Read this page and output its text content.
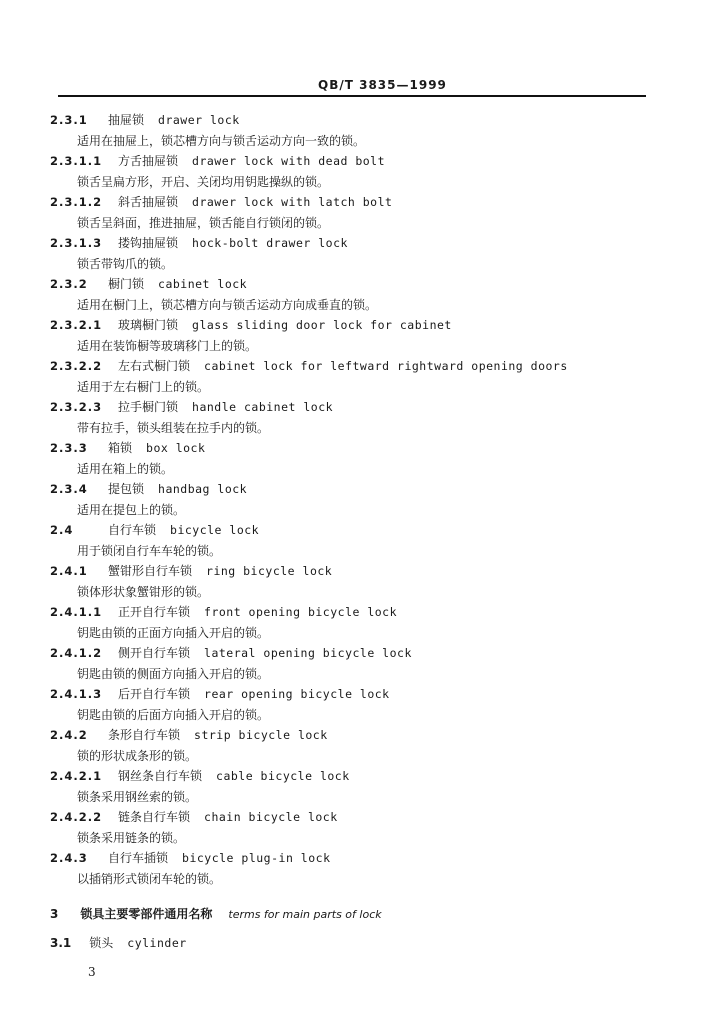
QB/T 3835—1999
2.3.1 抽屉锁 drawer lock
适用在抽屉上，锁芯槽方向与锁舌运动方向一致的锁。
2.3.1.1 方舌抽屉锁 drawer lock with dead bolt
锁舌呈扁方形，开启、关闭均用钥匙操纵的锁。
2.3.1.2 斜舌抽屉锁 drawer lock with latch bolt
锁舌呈斜面，推进抽屉，锁舌能自行锁闭的锁。
2.3.1.3 搂钩抽屉锁 hock-bolt drawer lock
锁舌带钩爪的锁。
2.3.2 橱门锁 cabinet lock
适用在橱门上，锁芯槽方向与锁舌运动方向成垂直的锁。
2.3.2.1 玻璃橱门锁 glass sliding door lock for cabinet
适用在装饰橱等玻璃移门上的锁。
2.3.2.2 左右式橱门锁 cabinet lock for leftward rightward opening doors
适用于左右橱门上的锁。
2.3.2.3 拉手橱门锁 handle cabinet lock
带有拉手，锁头组装在拉手内的锁。
2.3.3 箱锁 box lock
适用在箱上的锁。
2.3.4 提包锁 handbag lock
适用在提包上的锁。
2.4	自行车锁 bicycle lock
用于锁闭自行车车轮的锁。
2.4.1 蟹钳形自行车锁 ring bicycle lock
锁体形状象蟹钳形的锁。
2.4.1.1 正开自行车锁 front opening bicycle lock
钥匙由锁的正面方向插入开启的锁。
2.4.1.2 侧开自行车锁 lateral opening bicycle lock
钥匙由锁的侧面方向插入开启的锁。
2.4.1.3 后开自行车锁 rear opening bicycle lock
钥匙由锁的后面方向插入开启的锁。
2.4.2 条形自行车锁 strip bicycle lock
锁的形状成条形的锁。
2.4.2.1 钢丝条自行车锁 cable bicycle lock
锁条采用钢丝索的锁。
2.4.2.2 链条自行车锁 chain bicycle lock
锁条采用链条的锁。
2.4.3 自行车插锁 bicycle plug-in lock
以插销形式锁闭车轮的锁。
3 锁具主要零部件通用名称 terms for main parts of lock
3.1 锁头 cylinder
3
